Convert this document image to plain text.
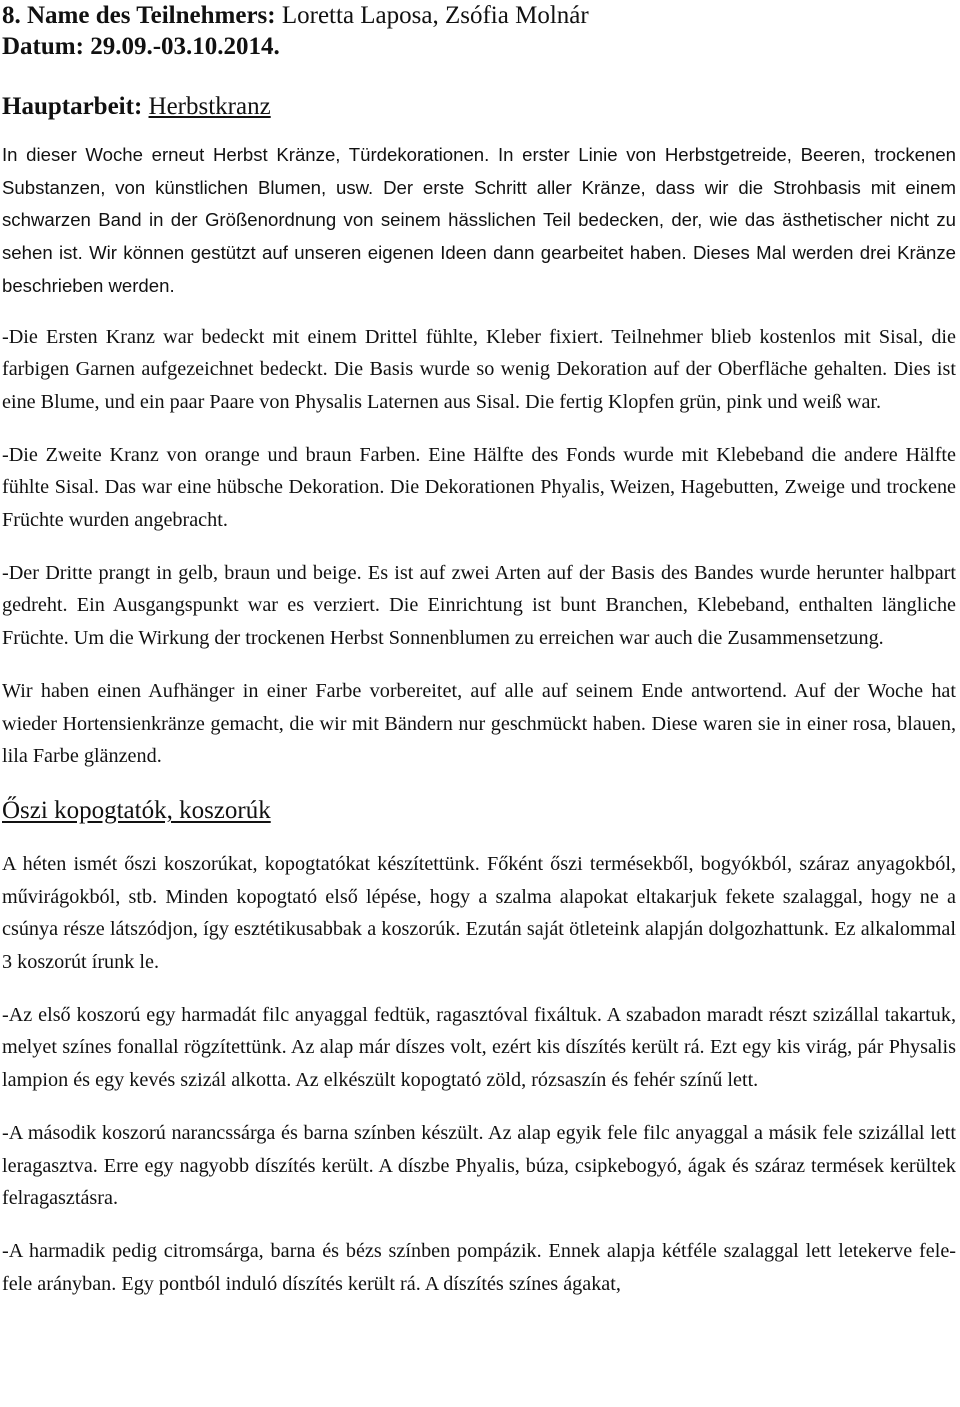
8. Name des Teilnehmers: Loretta Laposa, Zsófia Molnár
Datum: 29.09.-03.10.2014.
Hauptarbeit: Herbstkranz

In dieser Woche erneut Herbst Kränze, Türdekorationen. In erster Linie von Herbstgetreide, Beeren, trockenen Substanzen, von künstlichen Blumen, usw. Der erste Schritt aller Kränze, dass wir die Strohbasis mit einem schwarzen Band in der Größenordnung von seinem hässlichen Teil bedecken, der, wie das ästhetischer nicht zu sehen ist. Wir können gestützt auf unseren eigenen Ideen dann gearbeitet haben. Dieses Mal werden drei Kränze beschrieben werden.

-Die Ersten Kranz war bedeckt mit einem Drittel fühlte, Kleber fixiert. Teilnehmer blieb kostenlos mit Sisal, die farbigen Garnen aufgezeichnet bedeckt. Die Basis wurde so wenig Dekoration auf der Oberfläche gehalten. Dies ist eine Blume, und ein paar Paare von Physalis Laternen aus Sisal. Die fertig Klopfen grün, pink und weiß war.

-Die Zweite Kranz von orange und braun Farben. Eine Hälfte des Fonds wurde mit Klebeband die andere Hälfte fühlte Sisal. Das war eine hübsche Dekoration. Die Dekorationen Phyalis, Weizen, Hagebutten, Zweige und trockene Früchte wurden angebracht.

-Der Dritte prangt in gelb, braun und beige. Es ist auf zwei Arten auf der Basis des Bandes wurde herunter halbpart gedreht. Ein Ausgangspunkt war es verziert. Die Einrichtung ist bunt Branchen, Klebeband, enthalten längliche Früchte. Um die Wirkung der trockenen Herbst Sonnenblumen zu erreichen war auch die Zusammensetzung.

Wir haben einen Aufhänger in einer Farbe vorbereitet, auf alle auf seinem Ende antwortend. Auf der Woche hat wieder Hortensienkränze gemacht, die wir mit Bändern nur geschmückt haben. Diese waren sie in einer rosa, blauen, lila Farbe glänzend.

Őszi kopogtatók, koszorúk

A héten ismét őszi koszorúkat, kopogtatókat készítettünk. Főként őszi termésekből, bogyókból, száraz anyagokból, művirágokból, stb. Minden kopogtató első lépése, hogy a szalma alapokat eltakarjuk fekete szalaggal, hogy ne a csúnya része látszódjon, így esztétikusabbak a koszorúk. Ezután saját ötleteink alapján dolgozhattunk. Ez alkalommal 3 koszorút írunk le.

-Az első koszorú egy harmadát filc anyaggal fedtük, ragasztóval fixáltuk. A szabadon maradt részt szizállal takartuk, melyet színes fonallal rögzítettünk. Az alap már díszes volt, ezért kis díszítés került rá. Ezt egy kis virág, pár Physalis lampion és egy kevés szizál alkotta. Az elkészült kopogtató zöld, rózsaszín és fehér színű lett.

-A második koszorú narancssárga és barna színben készült. Az alap egyik fele filc anyaggal a másik fele szizállal lett leragasztva. Erre egy nagyobb díszítés került. A díszbe Phyalis, búza, csipkebogyó, ágak és száraz termések kerültek felragasztásra.

-A harmadik pedig citromsárga, barna és bézs színben pompázik. Ennek alapja kétféle szalaggal lett letekerve fele-fele arányban. Egy pontból induló díszítés került rá. A díszítés színes ágakat,
